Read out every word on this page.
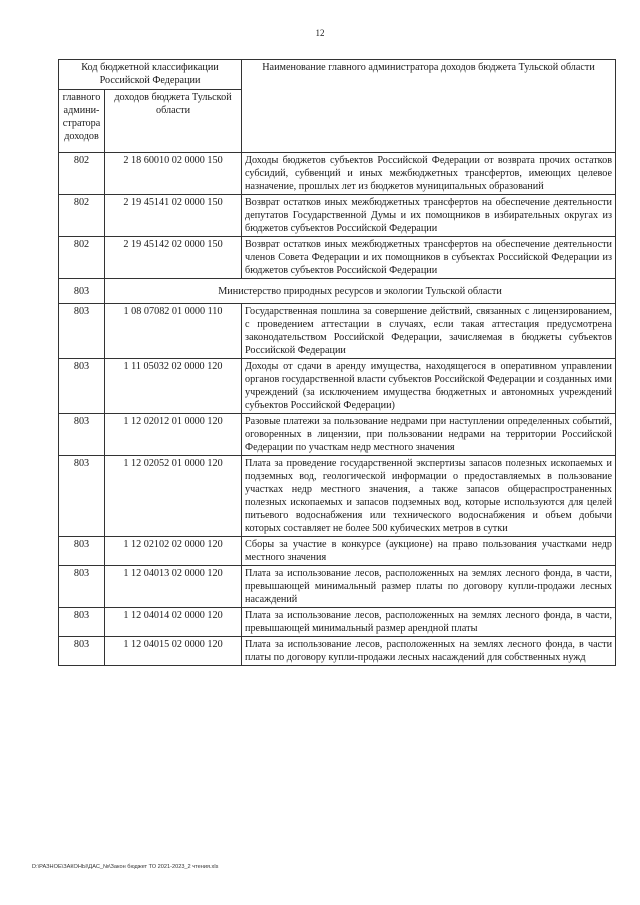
12
Код бюджетной классификации Российской Федерации		Наименование главного администратора доходов бюджета Тульской области
главного админи-стратора доходов	доходов бюджета Тульской области	
802	2 18 60010 02 0000 150	Доходы бюджетов субъектов Российской Федерации от возврата прочих остатков субсидий, субвенций и иных межбюджетных трансфертов, имеющих целевое назначение, прошлых лет из бюджетов муниципальных образований
802	2 19 45141 02 0000 150	Возврат остатков иных межбюджетных трансфертов на обеспечение деятельности депутатов Государственной Думы и их помощников в избирательных округах из бюджетов субъектов Российской Федерации
802	2 19 45142 02 0000 150	Возврат остатков иных межбюджетных трансфертов на обеспечение деятельности членов Совета Федерации и их помощников в субъектах Российской Федерации из бюджетов субъектов Российской Федерации
803	Министерство природных ресурсов и экологии Тульской области	
803	1 08 07082 01 0000 110	Государственная пошлина за совершение действий, связанных с лицензированием, с проведением аттестации в случаях, если такая аттестация предусмотрена законодательством Российской Федерации, зачисляемая в бюджеты субъектов Российской Федерации
803	1 11 05032 02 0000 120	Доходы от сдачи в аренду имущества, находящегося в оперативном управлении органов государственной власти субъектов Российской Федерации и созданных ими учреждений (за исключением имущества бюджетных и автономных учреждений субъектов Российской Федерации)
803	1 12 02012 01 0000 120	Разовые платежи за пользование недрами при наступлении определенных событий, оговоренных в лицензии, при пользовании недрами на территории Российской Федерации по участкам недр местного значения
803	1 12 02052 01 0000 120	Плата за проведение государственной экспертизы запасов полезных ископаемых и подземных вод, геологической информации о предоставляемых в пользование участках недр местного значения, а также запасов общераспространенных полезных ископаемых и запасов подземных вод, которые используются для целей питьевого водоснабжения или технического водоснабжения и объем добычи которых составляет не более 500 кубических метров в сутки
803	1 12 02102 02 0000 120	Сборы за участие в конкурсе (аукционе) на право пользования участками недр местного значения
803	1 12 04013 02 0000 120	Плата за использование лесов, расположенных на землях лесного фонда, в части, превышающей минимальный размер платы по договору купли-продажи лесных насаждений
803	1 12 04014 02 0000 120	Плата за использование лесов, расположенных на землях лесного фонда, в части, превышающей минимальный размер арендной платы
803	1 12 04015 02 0000 120	Плата за использование лесов, расположенных на землях лесного фонда, в части платы по договору купли-продажи лесных насаждений для собственных нужд
D:\РАЗНОЕ\ЗАКОНЫ\ДАС_№\Закон бюджет ТО 2021-2023_2 чтения.xls
